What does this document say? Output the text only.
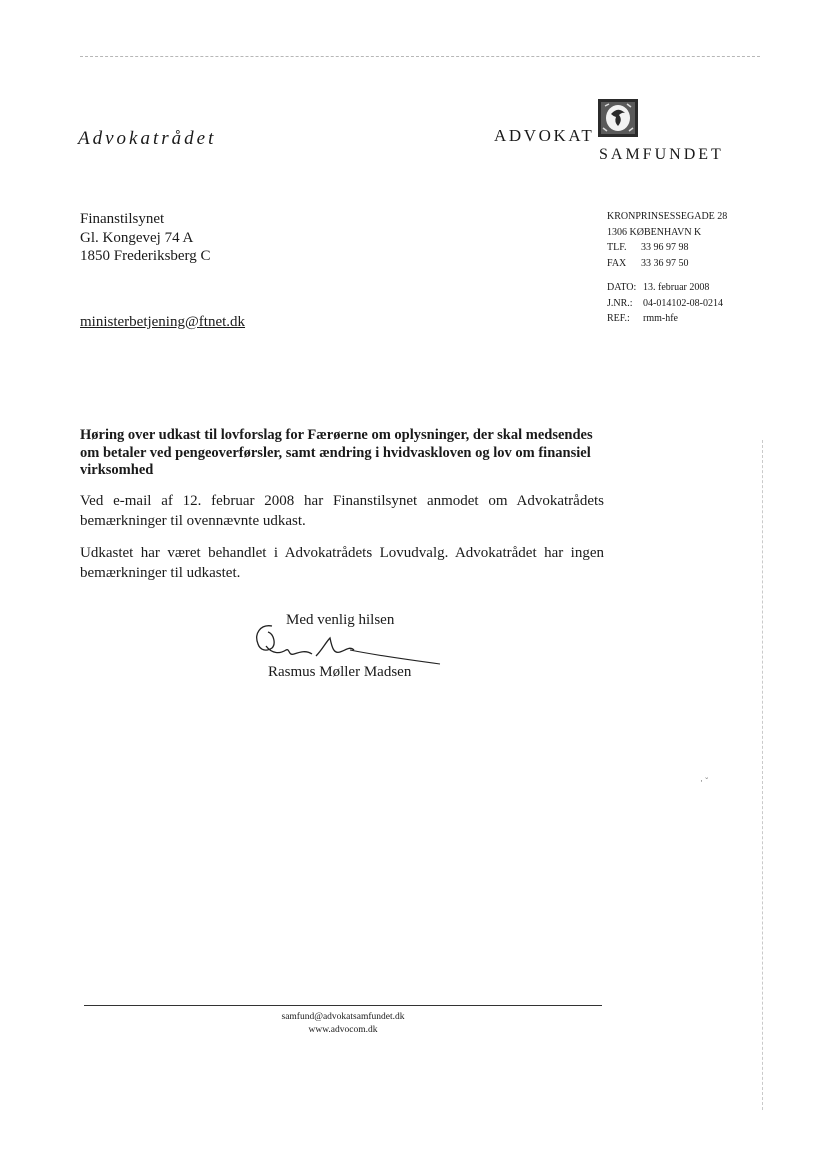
Advokatrådet	ADVOKAT
SAMFUNDET
Finanstilsynet
Gl. Kongevej 74 A
1850 Frederiksberg C
ministerbetjening@ftnet.dk
KRONPRINSESSEGADE 28
1306 KØBENHAVN K
TLF. 33 96 97 98
FAX 33 36 97 50
DATO: 13. februar 2008
J.NR.: 04-014102-08-0214
REF.: rmm-hfe
Høring over udkast til lovforslag for Færøerne om oplysninger, der skal medsendes om betaler ved pengeoverførsler, samt ændring i hvidvaskloven og lov om finansiel virksomhed
Ved e-mail af 12. februar 2008 har Finanstilsynet anmodet om Advokatrådets bemærkninger til ovennævnte udkast.
Udkastet har været behandlet i Advokatrådets Lovudvalg. Advokatrådet har ingen bemærkninger til udkastet.
Med venlig hilsen
Rasmus Møller Madsen
· ˘
samfund@advokatsamfundet.dk
www.advocom.dk
